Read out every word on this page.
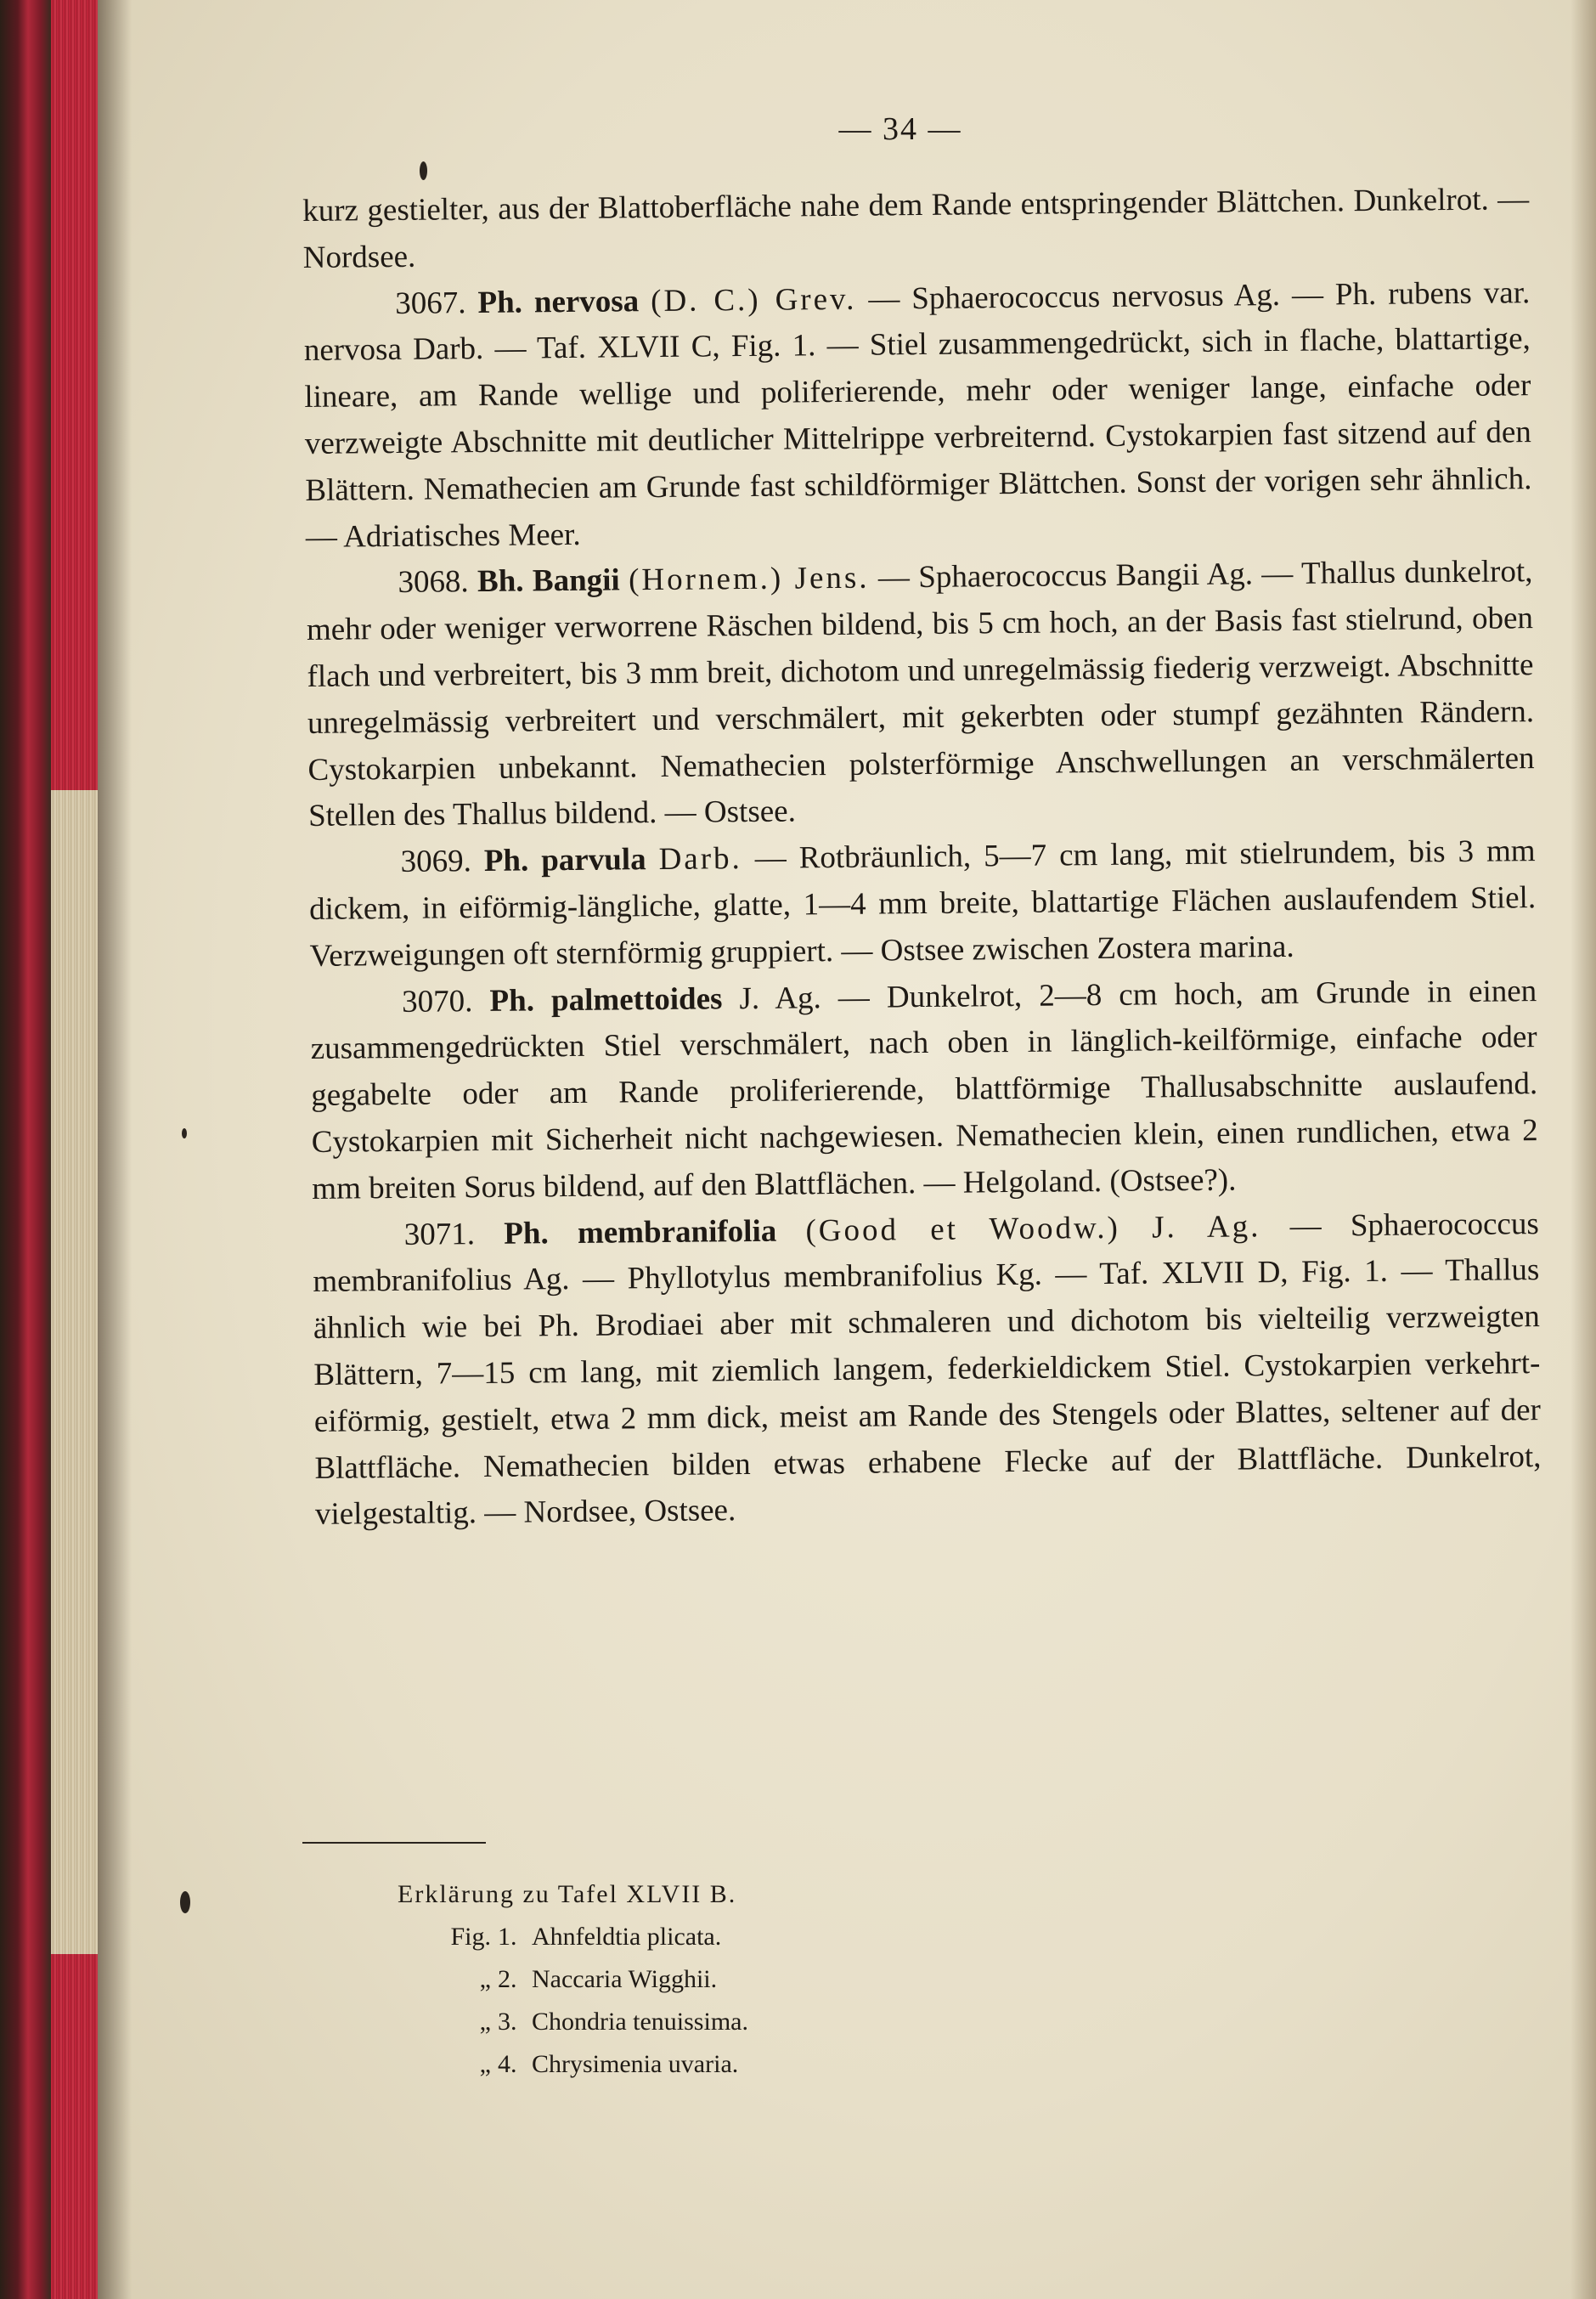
— 34 —

kurz gestielter, aus der Blattoberfläche nahe dem Rande entspringender Blättchen. Dunkelrot. — Nordsee.

3067. Ph. nervosa (D. C.) Grev. — Sphaerococcus nervosus Ag. — Ph. rubens var. nervosa Darb. — Taf. XLVII C, Fig. 1. — Stiel zusammengedrückt, sich in flache, blattartige, lineare, am Rande wellige und poliferierende, mehr oder weniger lange, einfache oder verzweigte Abschnitte mit deutlicher Mittelrippe verbreiternd. Cystokarpien fast sitzend auf den Blättern. Nemathecien am Grunde fast schildförmiger Blättchen. Sonst der vorigen sehr ähnlich. — Adriatisches Meer.

3068. Bh. Bangii (Hornem.) Jens. — Sphaerococcus Bangii Ag. — Thallus dunkelrot, mehr oder weniger verworrene Räschen bildend, bis 5 cm hoch, an der Basis fast stielrund, oben flach und verbreitert, bis 3 mm breit, dichotom und unregelmässig fiederig verzweigt. Abschnitte unregelmässig verbreitert und verschmälert, mit gekerbten oder stumpf gezähnten Rändern. Cystokarpien unbekannt. Nemathecien polsterförmige Anschwellungen an verschmälerten Stellen des Thallus bildend. — Ostsee.

3069. Ph. parvula Darb. — Rotbräunlich, 5—7 cm lang, mit stielrundem, bis 3 mm dickem, in eiförmig-längliche, glatte, 1—4 mm breite, blattartige Flächen auslaufendem Stiel. Verzweigungen oft sternförmig gruppiert. — Ostsee zwischen Zostera marina.

3070. Ph. palmettoides J. Ag. — Dunkelrot, 2—8 cm hoch, am Grunde in einen zusammengedrückten Stiel verschmälert, nach oben in länglich-keilförmige, einfache oder gegabelte oder am Rande proliferierende, blattförmige Thallusabschnitte auslaufend. Cystokarpien mit Sicherheit nicht nachgewiesen. Nemathecien klein, einen rundlichen, etwa 2 mm breiten Sorus bildend, auf den Blattflächen. — Helgoland. (Ostsee?).

3071. Ph. membranifolia (Good et Woodw.) J. Ag. — Sphaerococcus membranifolius Ag. — Phyllotylus membranifolius Kg. — Taf. XLVII D, Fig. 1. — Thallus ähnlich wie bei Ph. Brodiaei aber mit schmaleren und dichotom bis vielteilig verzweigten Blättern, 7—15 cm lang, mit ziemlich langem, federkieldickem Stiel. Cystokarpien verkehrt-eiförmig, gestielt, etwa 2 mm dick, meist am Rande des Stengels oder Blattes, seltener auf der Blattfläche. Nemathecien bilden etwas erhabene Flecke auf der Blattfläche. Dunkelrot, vielgestaltig. — Nordsee, Ostsee.

Erklärung zu Tafel XLVII B.
Fig. 1. Ahnfeldtia plicata.
„ 2. Naccaria Wigghii.
„ 3. Chondria tenuissima.
„ 4. Chrysimenia uvaria.
